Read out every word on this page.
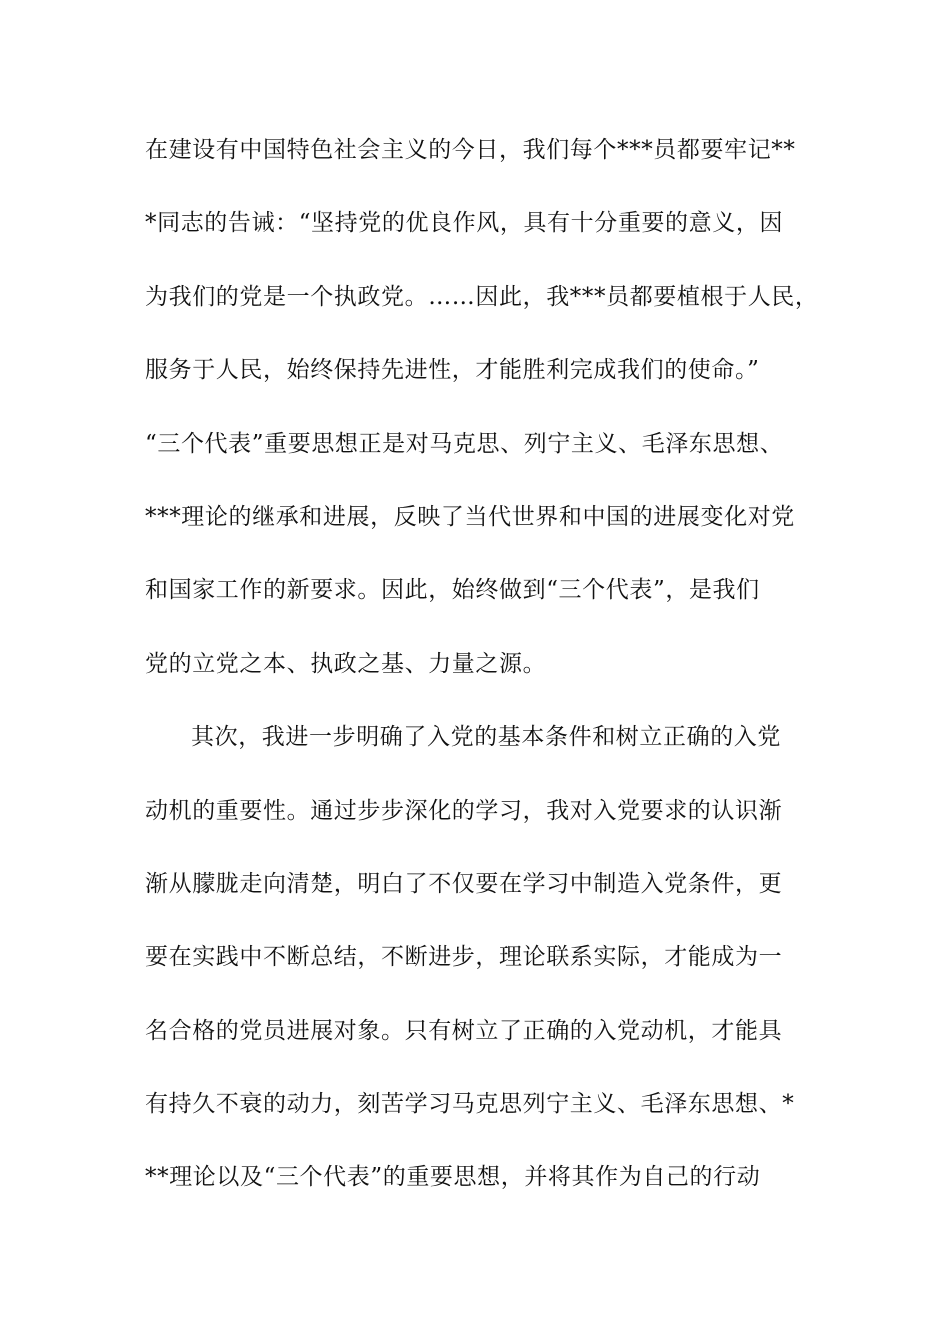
在建设有中国特色社会主义的今日，我们每个***员都要牢记**
*同志的告诫：“坚持党的优良作风，具有十分重要的意义，因
为我们的党是一个执政党。……因此，我***员都要植根于人民，
服务于人民，始终保持先进性，才能胜利完成我们的使命。”
“三个代表”重要思想正是对马克思、列宁主义、毛泽东思想、
***理论的继承和进展，反映了当代世界和中国的进展变化对党
和国家工作的新要求。因此，始终做到“三个代表”，是我们
党的立党之本、执政之基、力量之源。
其次，我进一步明确了入党的基本条件和树立正确的入党
动机的重要性。通过步步深化的学习，我对入党要求的认识渐
渐从朦胧走向清楚，明白了不仅要在学习中制造入党条件，更
要在实践中不断总结，不断进步，理论联系实际，才能成为一
名合格的党员进展对象。只有树立了正确的入党动机，才能具
有持久不衰的动力，刻苦学习马克思列宁主义、毛泽东思想、*
**理论以及“三个代表”的重要思想，并将其作为自己的行动
